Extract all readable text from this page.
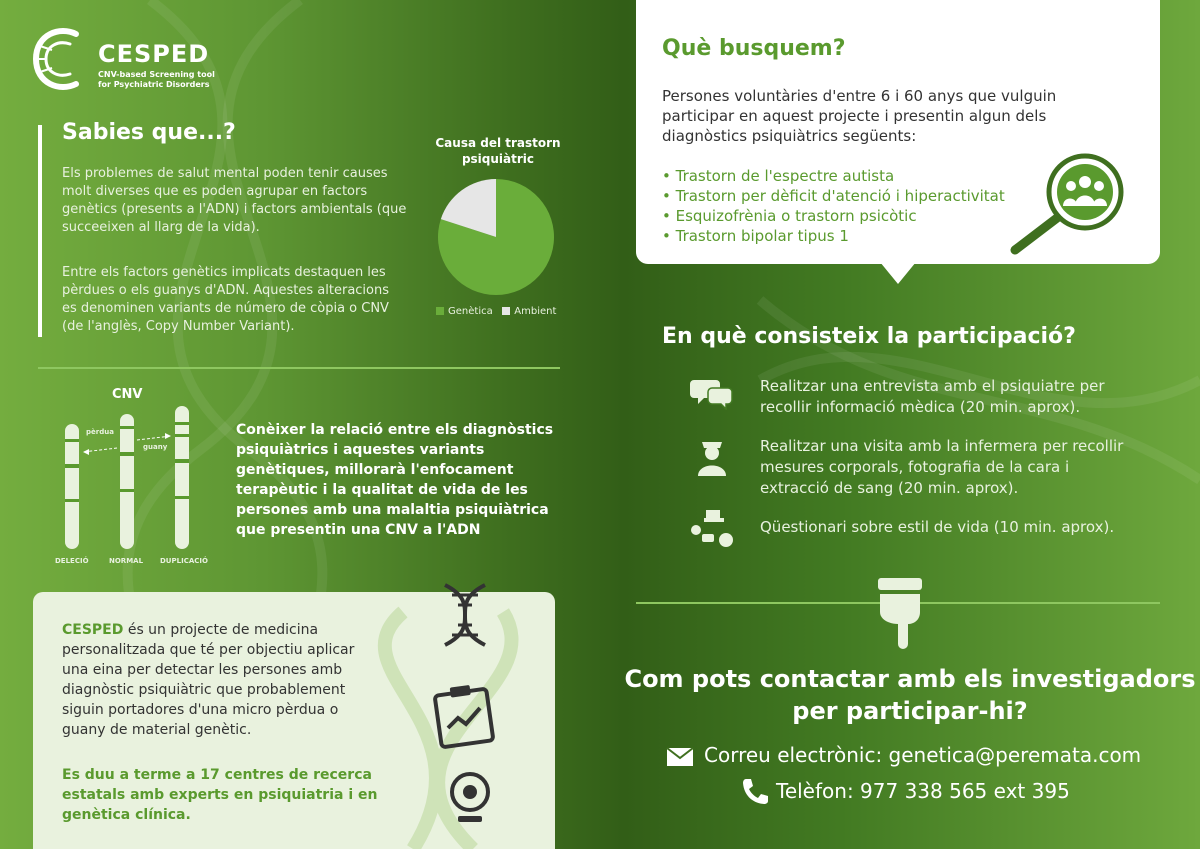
CESPED
CNV-based Screening tool
for Psychiatric Disorders
Sabies que...?
Els problemes de salut mental poden tenir causes molt diverses que es poden agrupar en factors genètics (presents a l'ADN) i factors ambientals (que succeeixen al llarg de la vida).
Entre els factors genètics implicats destaquen les pèrdues o els guanys d'ADN. Aquestes alteracions es denominen variants de número de còpia o CNV (de l'anglès, Copy Number Variant).
Causa del trastorn
psiquiàtric
Genètica Ambient
CNV
pèrdua
guany
DELECIÓ	NORMAL DUPLICACIÓ
Conèixer la relació entre els diagnòstics psiquiàtrics i aquestes variants genètiques, millorarà l'enfocament terapèutic i la qualitat de vida de les persones amb una malaltia psiquiàtrica que presentin una CNV a l'ADN
CESPED és un projecte de medicina personalitzada que té per objectiu aplicar una eina per detectar les persones amb diagnòstic psiquiàtric que probablement siguin portadores d'una micro pèrdua o guany de material genètic.
Es duu a terme a 17 centres de recerca estatals amb experts en psiquiatria i en genètica clínica.
Què busquem?
Persones voluntàries d'entre 6 i 60 anys que vulguin participar en aquest projecte i presentin algun dels diagnòstics psiquiàtrics següents:
• Trastorn de l'espectre autista
• Trastorn per dèficit d'atenció i hiperactivitat
• Esquizofrènia o trastorn psicòtic
• Trastorn bipolar tipus 1
En què consisteix la participació?
Realitzar una entrevista amb el psiquiatre per recollir informació mèdica (20 min. aprox).
Realitzar una visita amb la infermera per recollir mesures corporals, fotografia de la cara i extracció de sang (20 min. aprox).
Qüestionari sobre estil de vida (10 min. aprox).
Com pots contactar amb els investigadors
per participar-hi?
Correu electrònic: genetica@peremata.com
Telèfon: 977 338 565 ext 395
